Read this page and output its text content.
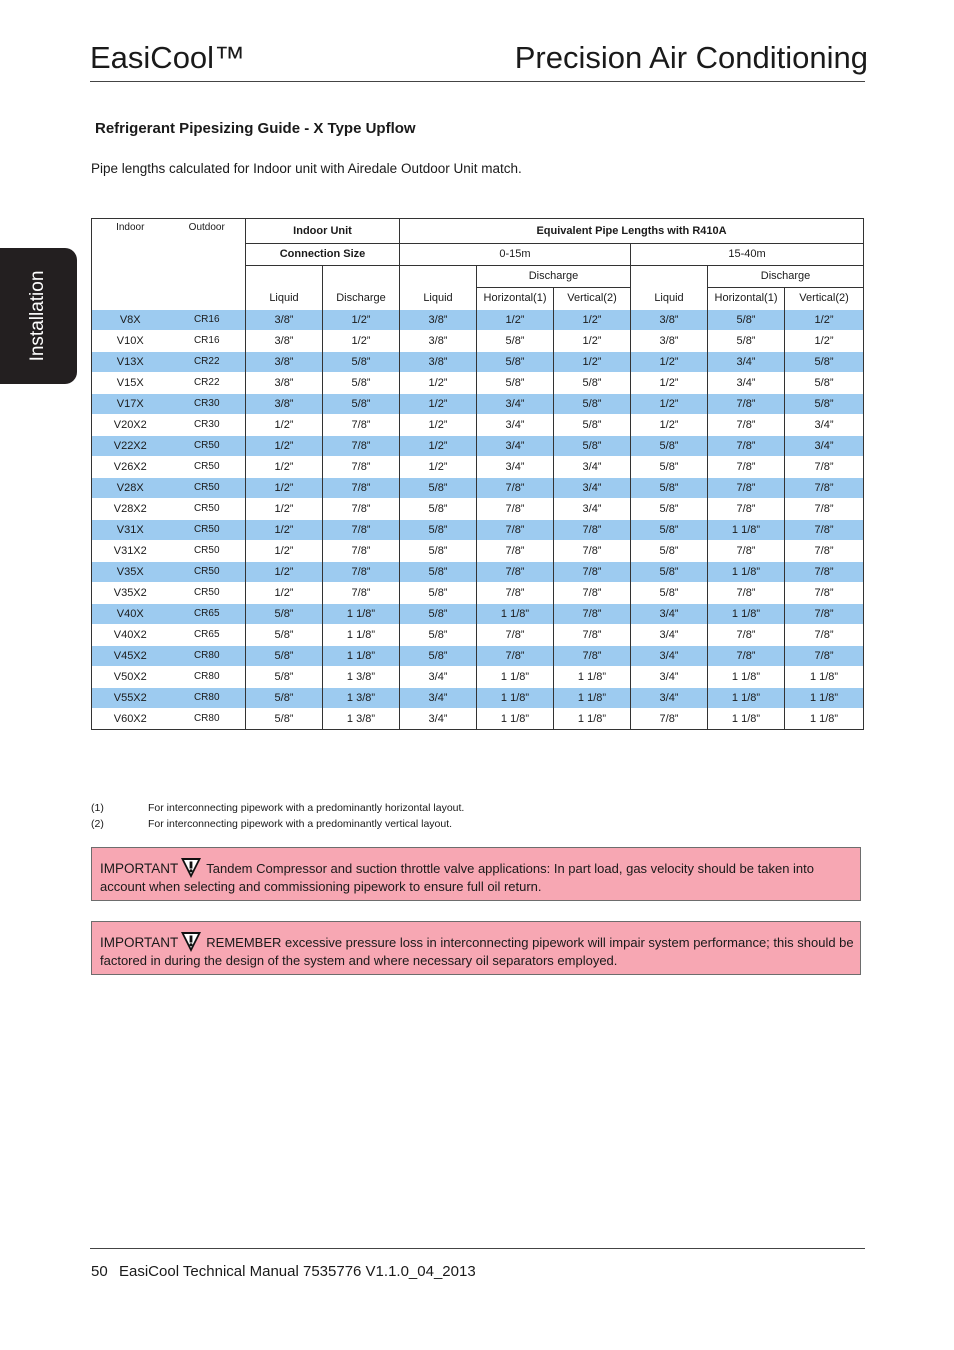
EasiCool™	Precision Air Conditioning
Installation
Refrigerant Pipesizing Guide - X Type Upflow
Pipe lengths calculated for Indoor unit with Airedale Outdoor Unit match.
Indoor	Outdoor	Indoor Unit		Equivalent Pipe Lengths with R410A					
		Connection Size		0-15m			15-40m		
					Discharge			Discharge	
		Liquid	Discharge	Liquid	Horizontal(1)	Vertical(2)	Liquid	Horizontal(1)	Vertical(2)
V8X	CR16	3/8”	1/2”	3/8”	1/2”	1/2”	3/8”	5/8”	1/2”
V10X	CR16	3/8”	1/2”	3/8”	5/8”	1/2”	3/8”	5/8”	1/2”
V13X	CR22	3/8”	5/8”	3/8”	5/8”	1/2”	1/2”	3/4”	5/8”
V15X	CR22	3/8”	5/8”	1/2”	5/8”	5/8”	1/2”	3/4”	5/8”
V17X	CR30	3/8”	5/8”	1/2”	3/4”	5/8”	1/2”	7/8”	5/8”
V20X2	CR30	1/2”	7/8”	1/2”	3/4”	5/8”	1/2”	7/8”	3/4”
V22X2	CR50	1/2”	7/8”	1/2”	3/4”	5/8”	5/8”	7/8”	3/4”
V26X2	CR50	1/2”	7/8”	1/2”	3/4”	3/4”	5/8”	7/8”	7/8”
V28X	CR50	1/2”	7/8”	5/8”	7/8”	3/4”	5/8”	7/8”	7/8”
V28X2	CR50	1/2”	7/8”	5/8”	7/8”	3/4”	5/8”	7/8”	7/8”
V31X	CR50	1/2”	7/8”	5/8”	7/8”	7/8”	5/8”	1 1/8”	7/8”
V31X2	CR50	1/2”	7/8”	5/8”	7/8”	7/8”	5/8”	7/8”	7/8”
V35X	CR50	1/2”	7/8”	5/8”	7/8”	7/8”	5/8”	1 1/8”	7/8”
V35X2	CR50	1/2”	7/8”	5/8”	7/8”	7/8”	5/8”	7/8”	7/8”
V40X	CR65	5/8”	1 1/8”	5/8”	1 1/8”	7/8”	3/4”	1 1/8”	7/8”
V40X2	CR65	5/8”	1 1/8”	5/8”	7/8”	7/8”	3/4”	7/8”	7/8”
V45X2	CR80	5/8”	1 1/8”	5/8”	7/8”	7/8”	3/4”	7/8”	7/8”
V50X2	CR80	5/8”	1 3/8”	3/4”	1 1/8”	1 1/8”	3/4”	1 1/8”	1 1/8”
V55X2	CR80	5/8”	1 3/8”	3/4”	1 1/8”	1 1/8”	3/4”	1 1/8”	1 1/8”
V60X2	CR80	5/8”	1 3/8”	3/4”	1 1/8”	1 1/8”	7/8”	1 1/8”	1 1/8”
(1)	For interconnecting pipework with a predominantly horizontal layout.
(2)	For interconnecting pipework with a predominantly vertical layout.
IMPORTANT Tandem Compressor and suction throttle valve applications: In part load, gas velocity should be taken into account when selecting and commissioning pipework to ensure full oil return.
IMPORTANT REMEMBER excessive pressure loss in interconnecting pipework will impair system performance; this should be factored in during the design of the system and where necessary oil separators employed.
50 EasiCool Technical Manual 7535776 V1.1.0_04_2013
